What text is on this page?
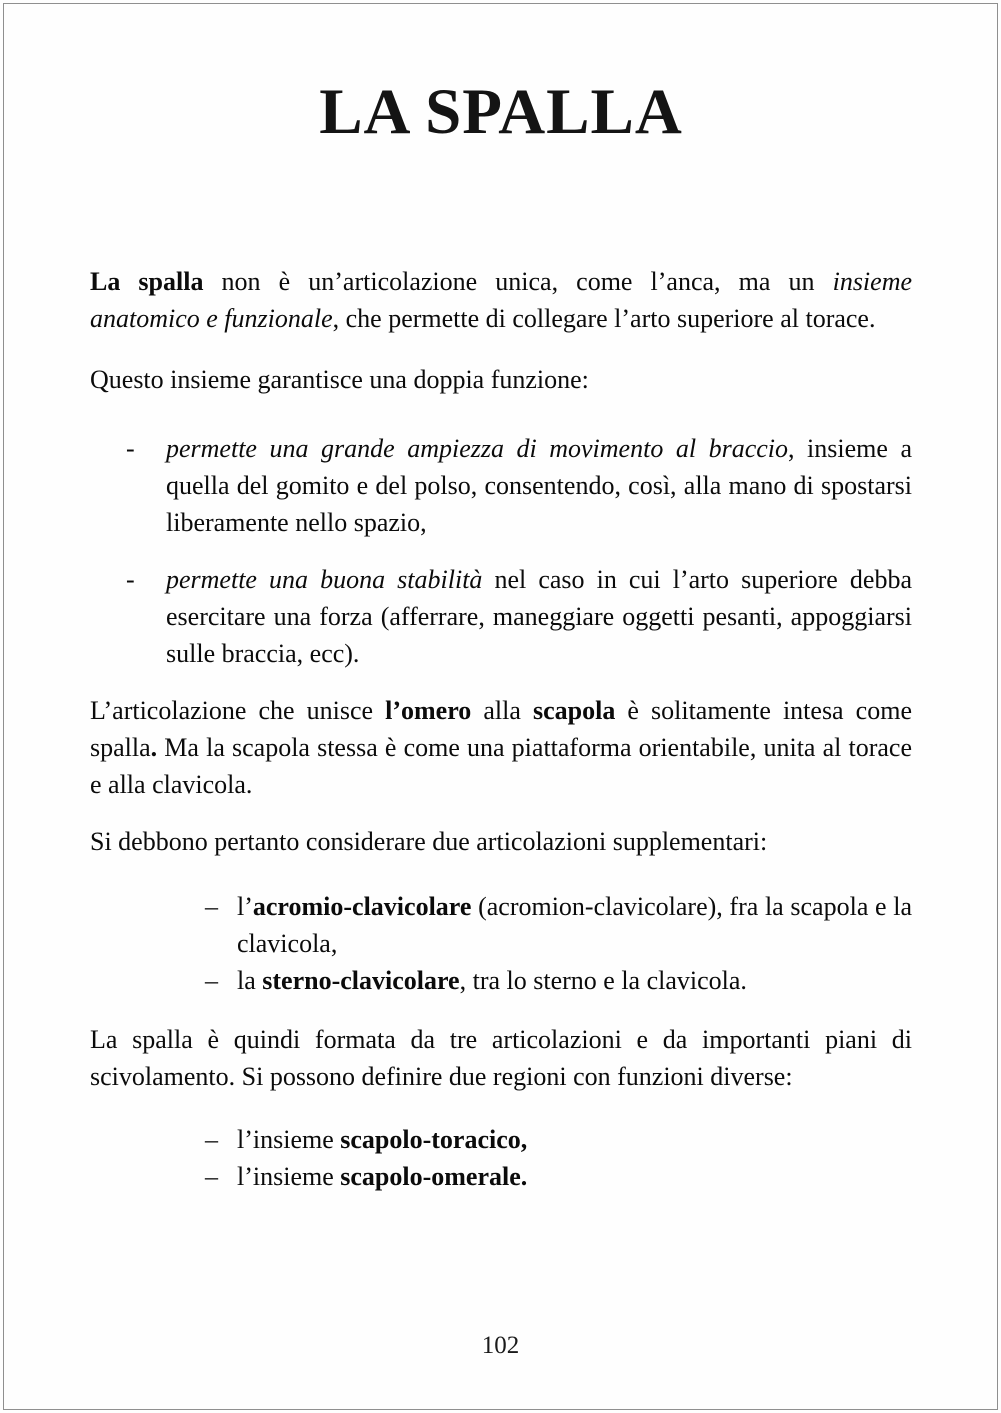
LA SPALLA

La spalla non è un’articolazione unica, come l’anca, ma un insieme anatomico e funzionale, che permette di collegare l’arto superiore al torace.

Questo insieme garantisce una doppia funzione:

-	permette una grande ampiezza di movimento al braccio, insieme a quella del gomito e del polso, consentendo, così, alla mano di spostarsi liberamente nello spazio,

-	permette una buona stabilità nel caso in cui l’arto superiore debba esercitare una forza (afferrare, maneggiare oggetti pesanti, appoggiarsi sulle braccia, ecc).

L’articolazione che unisce l’omero alla scapola è solitamente intesa come spalla. Ma la scapola stessa è come una piattaforma orientabile, unita al torace e alla clavicola.

Si debbono pertanto considerare due articolazioni supplementari:

– l’acromio-clavicolare (acromion-clavicolare), fra la scapola e la clavicola,

– la sterno-clavicolare, tra lo sterno e la clavicola.

La spalla è quindi formata da tre articolazioni e da importanti piani di scivolamento. Si possono definire due regioni con funzioni diverse:

– l’insieme scapolo-toracico,

– l’insieme scapolo-omerale.

102
